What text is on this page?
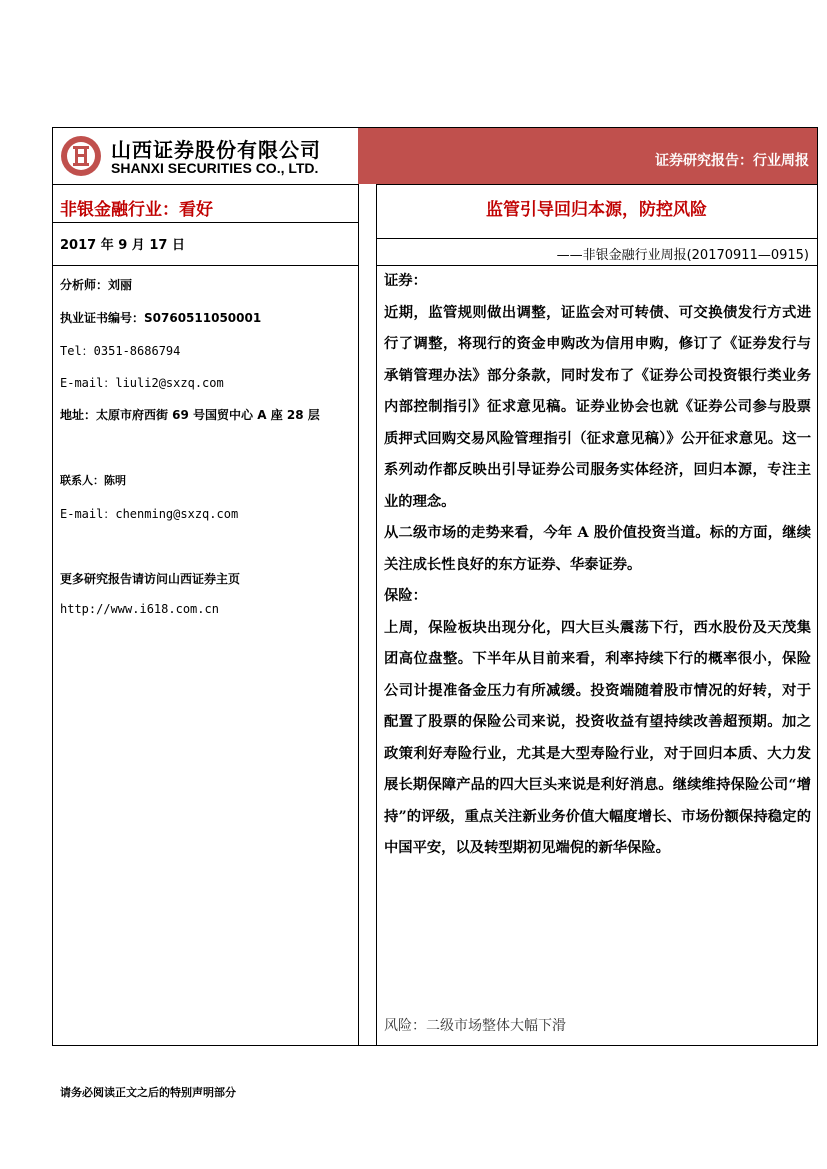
山西证券股份有限公司
SHANXI SECURITIES CO., LTD.	证券研究报告：行业周报
非银金融行业：看好	监管引导回归本源，防控风险
2017 年 9 月 17 日
——非银金融行业周报(20170911—0915)
分析师：刘丽
执业证书编号：S0760511050001
Tel：0351-8686794
E-mail：liuli2@sxzq.com
地址：太原市府西街 69 号国贸中心 A 座 28 层
联系人：陈明
E-mail：chenming@sxzq.com
更多研究报告请访问山西证券主页
http://www.i618.com.cn

证券：

近期，监管规则做出调整，证监会对可转债、可交换债发行方式进行了调整，将现行的资金申购改为信用申购，修订了《证券发行与承销管理办法》部分条款，同时发布了《证券公司投资银行类业务内部控制指引》征求意见稿。证券业协会也就《证券公司参与股票质押式回购交易风险管理指引（征求意见稿）》公开征求意见。这一系列动作都反映出引导证券公司服务实体经济，回归本源，专注主业的理念。

从二级市场的走势来看，今年 A 股价值投资当道。标的方面，继续关注成长性良好的东方证券、华泰证券。

保险：

上周，保险板块出现分化，四大巨头震荡下行，西水股份及天茂集团高位盘整。下半年从目前来看，利率持续下行的概率很小，保险公司计提准备金压力有所减缓。投资端随着股市情况的好转，对于配置了股票的保险公司来说，投资收益有望持续改善超预期。加之政策利好寿险行业，尤其是大型寿险行业，对于回归本质、大力发展长期保障产品的四大巨头来说是利好消息。继续维持保险公司“增持”的评级，重点关注新业务价值大幅度增长、市场份额保持稳定的中国平安，以及转型期初见端倪的新华保险。

风险：二级市场整体大幅下滑
请务必阅读正文之后的特别声明部分
